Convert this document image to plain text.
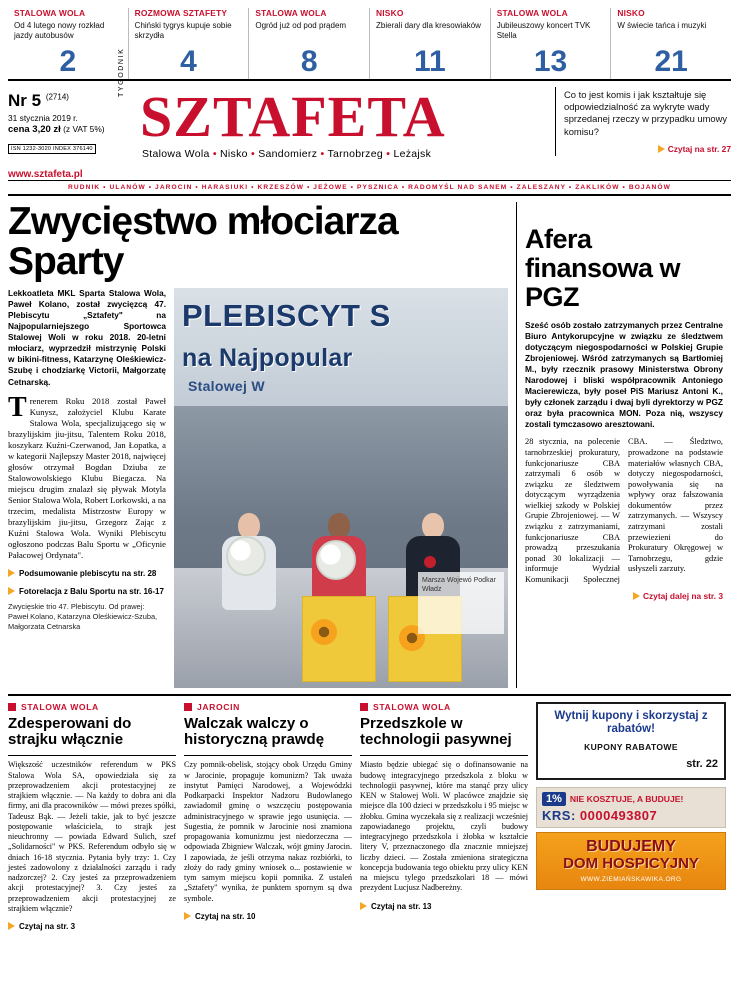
STALOWA WOLA
Od 4 lutego nowy rozkład jazdy autobusów
2
ROZMOWA SZTAFETY
Chiński tygrys kupuje sobie skrzydła
4
STALOWA WOLA
Ogród już od pod prądem
8
NISKO
Zbierali dary dla kresowiaków
11
STALOWA WOLA
Jubileuszowy koncert TVK Stella
13
NISKO
W świecie tańca i muzyki
21
Nr 5 $^{(2714)}$
31 stycznia 2019 r.
cena 3,20 zł (z VAT 5%)
ISN 1232-3020 INDEX 376140
www.sztafeta.pl
TYGODNIK
SZTAFETA
Stalowa Wola • Nisko • Sandomierz • Tarnobrzeg • Leżajsk
Co to jest komis i jak kształtuje się odpowiedzialność za wykryte wady sprzedanej rzeczy w przypadku umowy komisu?
Czytaj na str. 27
RUDNIK • ULANÓW • JAROCIN • HARASIUKI • KRZESZÓW • JEŻOWE • PYSZNICA • RADOMYŚL NAD SANEM • ZALESZANY • ZAKLIKÓW • BOJANÓW
Zwycięstwo młociarza Sparty
Lekkoatleta MKL Sparta Stalowa Wola, Paweł Kolano, został zwycięzcą 47. Plebiscytu „Sztafety" na Najpopularniejszego Sportowca Stalowej Woli w roku 2018. 20-letni młociarz, wyprzedził mistrzynię Polski w bikini-fitness, Katarzynę Oleśkiewicz-Szubę i chodziarkę Victorii, Małgorzatę Cetnarską.
Trenerem Roku 2018 został Paweł Kunysz, założyciel Klubu Karate Stalowa Wola, specjalizującego się w brazylijskim jiu-jitsu, Talentem Roku 2018, koszykarz Kuźni-Czerwanod, Jan Łopatka, a w kategorii Najlepszy Master 2018, najwięcej głosów otrzymał Bogdan Dziuba ze Stalowowolskiego Klubu Biegacza. Na miejscu drugim znalazł się pływak Motyla Senior Stalowa Wola, Robert Lorkowski, a na trzecim, medalista Mistrzostw Europy w brazylijskim jiu-jitsu, Grzegorz Zając z Kuźni Stalowa Wola. Wyniki Plebiscytu ogłoszono podczas Balu Sportu w „Oficynie Pałacowej Ordynata".
Podsumowanie plebiscytu na str. 28
Fotorelacja z Balu Sportu na str. 16-17
Zwycięskie trio 47. Plebiscytu. Od prawej: Paweł Kolano, Katarzyna Oleśkiewicz-Szuba, Małgorzata Cetnarska
PLEBISCYT S
na Najpopular
Stalowej W
Marsza Wojewó Podkar Władz
Afera finansowa w PGZ
Sześć osób zostało zatrzymanych przez Centralne Biuro Antykorupcyjne w związku ze śledztwem dotyczącym niegospodarności w Polskiej Grupie Zbrojeniowej. Wśród zatrzymanych są Bartłomiej M., były rzecznik prasowy Ministerstwa Obrony Narodowej i bliski współpracownik Antoniego Macierewicza, były poseł PiS Mariusz Antoni K., były członek zarządu i dwaj byli dyrektorzy w PGZ oraz była pracownica MON. Poza nią, wszyscy zostali tymczasowo aresztowani.
28 stycznia, na polecenie tarnobrzeskiej prokuratury, funkcjonariusze CBA zatrzymali 6 osób w związku ze śledztwem dotyczącym wyrządzenia wielkiej szkody w Polskiej Grupie Zbrojeniowej. — W związku z zatrzymaniami, funkcjonariusze CBA prowadzą przeszukania ponad 30 lokalizacji — informuje Wydział Komunikacji Społecznej CBA. — Śledztwo, prowadzone na podstawie materiałów własnych CBA, dotyczy niegospodarności, powoływania się na wpływy oraz fałszowania dokumentów przez zatrzymanych. — Wszyscy zatrzymani zostali przewiezieni do Prokuratury Okręgowej w Tarnobrzegu, gdzie usłyszeli zarzuty.
Czytaj dalej na str. 3
STALOWA WOLA
Zdesperowani do strajku włącznie
Większość uczestników referendum w PKS Stalowa Wola SA, opowiedziała się za przeprowadzeniem akcji protestacyjnej ze strajkiem włącznie. — Na każdy to dobra ani dla firmy, ani dla pracowników — mówi prezes spółki, Tadeusz Bąk. — Jeżeli takie, jak to być jeszcze postępowanie właścicielа, to strajk jest nieuchronny — powiada Edward Sulich, szef „Solidarności" w PKS. Referendum odbyło się w dniach 16-18 stycznia. Pytania były trzy: 1. Czy jesteś zadowolony z działalności zarządu i rady nadzorczej? 2. Czy jesteś za przeprowadzeniem akcji protestacyjnej? 3. Czy jesteś za przeprowadzeniem akcji protestacyjnej ze strajkiem włącznie?
Czytaj na str. 3
JAROCIN
Walczak walczy o historyczną prawdę
Czy pomnik-obelisk, stojący obok Urzędu Gminy w Jarocinie, propaguje komunizm? Tak uważa instytut Pamięci Narodowej, a Wojewódzki Podkarpacki Inspektor Nadzoru Budowlanego zawiadomił gminę o wszczęciu postępowania administracyjnego w sprawie jego usunięcia. — Sugestia, że pomnik w Jarocinie nosi znamiona propagowania komunizmu jest niedorzeczna — odpowiada Zbigniew Walczak, wójt gminy Jarocin. I zapowiada, że jeśli otrzyma nakaz rozbiórki, to złoży do rady gminy wniosek o... postawienie w tym samym miejscu kopii pomnika. Z ustaleń „Sztafety" wynika, że punktem spornym są dwa symbole.
Czytaj na str. 10
STALOWA WOLA
Przedszkole w technologii pasywnej
Miasto będzie ubiegać się o dofinansowanie na budowę integracyjnego przedszkola z bloku w technologii pasywnej, które ma stanąć przy ulicy KEN w Stalowej Woli. W placówce znajdzie się miejsce dla 100 dzieci w przedszkolu i 95 miejsc w żłobku. Gmina wyczekała się z realizacji wcześniej zapowiadanego projektu, czyli budowy integracyjnego przedszkola i żłobka w kształcie litery V, przeznaczonego dla znacznie mniejszej liczby dzieci. — Zostałа zmieniona strategiczna koncepcja budowania tego obiektu przy ulicy KEN na miejscu tylego przedszkolari 18 — mówi prezydent Lucjusz Nadbereżny.
Czytaj na str. 13
Wytnij kupony i skorzystaj z rabatów!
KUPONY RABATOWE
str. 22
1% NIE KOSZTUJE, A BUDUJE!
KRS: 0000493807
BUDUJEMY
DOM HOSPICYJNY
WWW.ZIEMIAŃSKAWIKA.ORG
